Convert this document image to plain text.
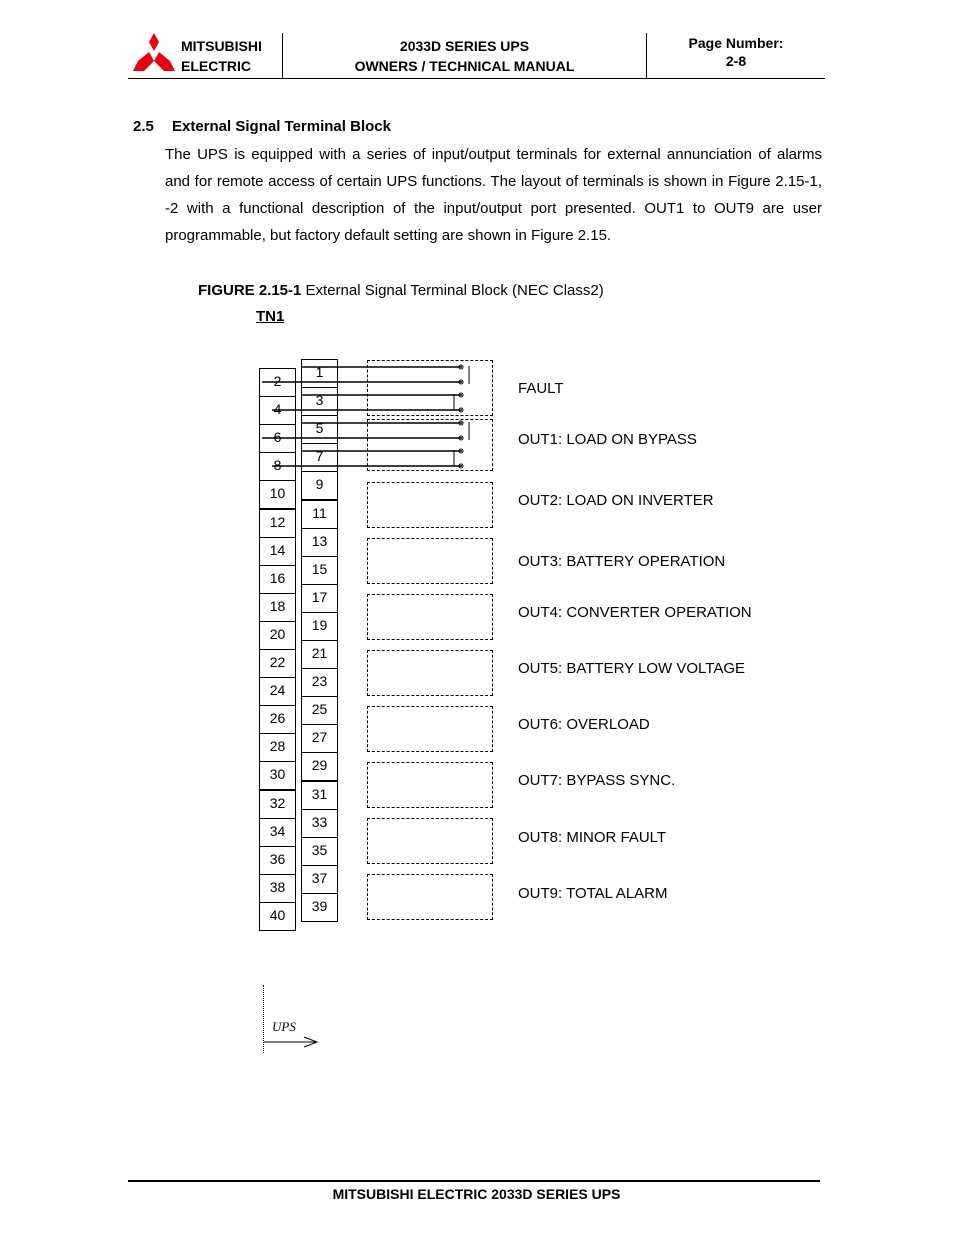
MITSUBISHI
ELECTRIC
2033D SERIES UPS
OWNERS / TECHNICAL MANUAL
Page Number:
2-8
2.5 External Signal Terminal Block
The UPS is equipped with a series of input/output terminals for external annunciation of alarms and for remote access of certain UPS functions. The layout of terminals is shown in Figure 2.15-1, -2 with a functional description of the input/output port presented. OUT1 to OUT9 are user programmable, but factory default setting are shown in Figure 2.15.
FIGURE 2.15-1 External Signal Terminal Block (NEC Class2)
TN1
2
4
6
8
10
12
14
16
18
20
22
24
26
28
30
32
34
36
38
40
1
3
5
7
9
11
13
15
17
19
21
23
25
27
29
31
33
35
37
39
FAULT
OUT1: LOAD ON BYPASS
OUT2: LOAD ON INVERTER
OUT3: BATTERY OPERATION
OUT4: CONVERTER OPERATION
OUT5: BATTERY LOW VOLTAGE
OUT6: OVERLOAD
OUT7: BYPASS SYNC.
OUT8: MINOR FAULT
OUT9: TOTAL ALARM
UPS
MITSUBISHI ELECTRIC 2033D SERIES UPS
